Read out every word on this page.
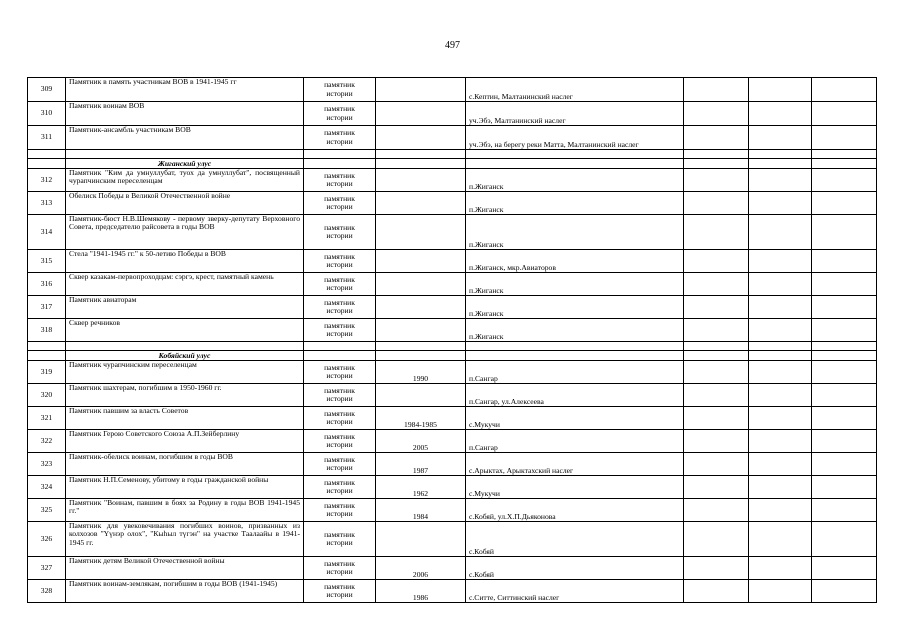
497
309	Памятник в память участникам ВОВ в 1941-1945 гг	памятник
истории		с.Кептин, Малтанинский наслег			
310	Памятник воинам ВОВ	памятник
истории		уч.Эбэ, Малтанинский наслег			
311	Памятник-ансамбль участникам ВОВ	памятник
истории		уч.Эбэ, на берегу реки Матта, Малтанинский наслег			

	Жиганский улус						
312	Памятник "Ким да умнуллубат, туох да умнуллубат", посвященный чурапчинским переселенцам	памятник
истории		п.Жиганск			
313	Обелиск Победы в Великой Отечественной войне	памятник
истории		п.Жиганск			
314	Памятник-бюст Н.В.Шемякову - первому зверку-депутату Верховного Совета, председателю райсовета в годы ВОВ	памятник
истории		п.Жиганск			
315	Стела "1941-1945 гг." к 50-летию Победы в ВОВ	памятник
истории		п.Жиганск, мкр.Авиаторов			
316	Сквер казакам-первопроходцам: сэргэ, крест, памятный камень	памятник
истории		п.Жиганск			
317	Памятник авиаторам	памятник
истории		п.Жиганск			
318	Сквер речников	памятник
истории		п.Жиганск			

	Кобяйский улус						
319	Памятник чурапчинским переселенцам	памятник
истории	1990	п.Сангар			
320	Памятник шахтерам, погибшим в 1950-1960 гг.	памятник
истории		п.Сангар, ул.Алексеева			
321	Памятник павшим за власть Советов	памятник
истории	1984-1985	с.Мукучи			
322	Памятник Герою Советского Союза А.П.Зейберлину	памятник
истории	2005	п.Сангар			
323	Памятник-обелиск воинам, погибшим в годы ВОВ	памятник
истории	1987	с.Арыктах, Арыктахский наслег			
324	Памятник Н.П.Семенову, убитому в годы гражданской войны	памятник
истории	1962	с.Мукучи			
325	Памятник "Воинам, павшим в боях за Родину в годы ВОВ 1941-1945 гг."	памятник
истории	1984	с.Кобяй, ул.Х.П.Дьяконова			
326	Памятник для увековечивания погибших воинов, призванных из колхозов "Үүнэр олох", "Кыһыл түгэн" на участке Таалаайы в 1941-1945 гг.	памятник
истории		с.Кобяй			
327	Памятник детям Великой Отечественной войны	памятник
истории	2006	с.Кобяй			
328	Памятник воинам-землякам, погибшим в годы ВОВ (1941-1945)	памятник
истории	1986	с.Ситте, Ситтинский наслег			
